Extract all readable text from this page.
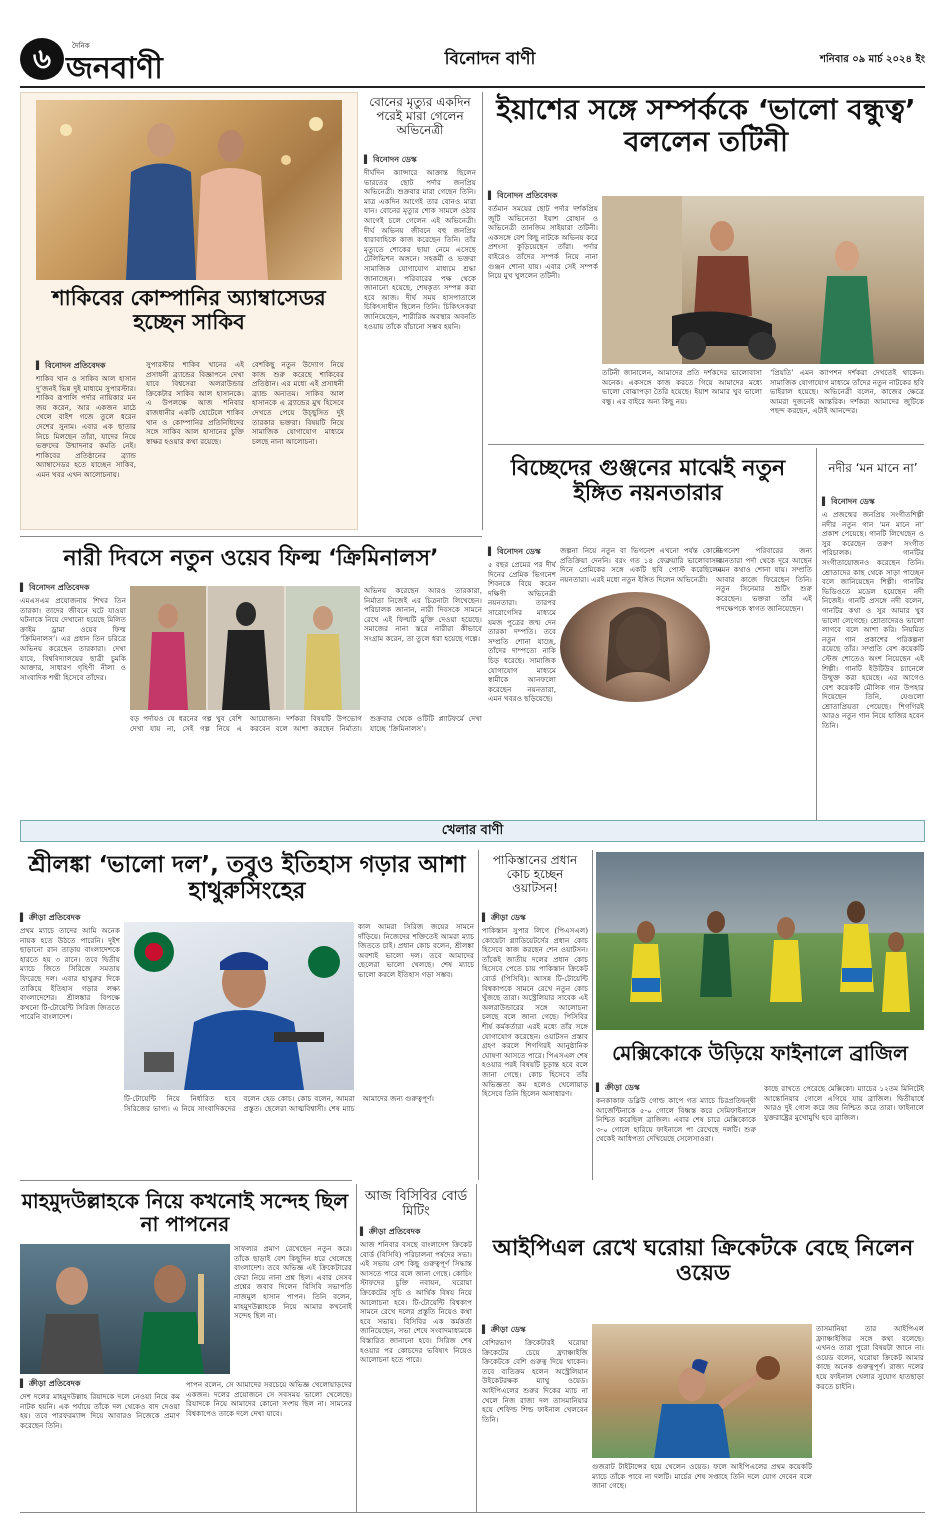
৬	দৈনিক
জনবাণী	বিনোদন বাণী	শনিবার ০৯ মার্চ ২০২৪ ইং
শাকিবের কোম্পানির অ্যাম্বাসেডর হচ্ছেন সাকিব
▌ বিনোদন প্রতিবেদক
শাকিব খান ও সাকিব আল হাসান দু’জনই ভিন্ন দুই মাধ্যমে সুপারস্টার। শাকিব রূপালি পর্দার নায়িকার মন জয় করেন, আর একজন মাঠে খেলে বাইশ গজে তুলে ধরেন দেশের সুনাম। এবার এক ছাতার নিচে মিলছেন তাঁরা, যাদের নিয়ে ভক্তদের উন্মাদনার কমতি নেই। শাকিবের প্রতিষ্ঠানের ব্র্যান্ড অ্যাম্বাসেডর হতে যাচ্ছেন সাকিব, এমন খবর এখন আলোচনায়।
সুপারস্টার শাকিব খানের এই প্রসাধনী ব্র্যান্ডের বিজ্ঞাপনে দেখা যাবে বিশ্বসেরা অলরাউন্ডার ক্রিকেটার সাকিব আল হাসানকে। এ উপলক্ষে আজ শনিবার রাজধানীর একটি হোটেলে শাকিব খান ও কোম্পানির প্রতিনিধিদের সঙ্গে সাকিব আল হাসানের চুক্তি স্বাক্ষর হওয়ার কথা রয়েছে।
বেশকিছু নতুন উদ্যোগ নিয়ে কাজ শুরু করেছে শাকিবের প্রতিষ্ঠান। এর মধ্যে এই প্রসাধনী ব্র্যান্ড অন্যতম। সাকিব আল হাসানকে এ ব্র্যান্ডের মুখ হিসেবে দেখতে পেয়ে উচ্ছ্বসিত দুই তারকার ভক্তরা। বিষয়টি নিয়ে সামাজিক যোগাযোগ মাধ্যমে চলছে নানা আলোচনা।
বোনের মৃত্যুর একদিন পরেই মারা গেলেন অভিনেত্রী
▌ বিনোদন ডেস্ক
দীর্ঘদিন ক্যান্সারে আক্রান্ত ছিলেন ভারতের ছোট পর্দার জনপ্রিয় অভিনেত্রী। শুক্রবার মারা গেছেন তিনি। মাত্র একদিন আগেই তার বোনও মারা যান। বোনের মৃত্যুর শোক সামলে ওঠার আগেই চলে গেলেন এই অভিনেত্রী। দীর্ঘ অভিনয় জীবনে বহু জনপ্রিয় ধারাবাহিকে কাজ করেছেন তিনি। তাঁর মৃত্যুতে শোকের ছায়া নেমে এসেছে টেলিভিশন অঙ্গনে। সহকর্মী ও ভক্তরা সামাজিক যোগাযোগ মাধ্যমে শ্রদ্ধা জানাচ্ছেন। পরিবারের পক্ষ থেকে জানানো হয়েছে, শেষকৃত্য সম্পন্ন করা হবে আজ। দীর্ঘ সময় হাসপাতালে চিকিৎসাধীন ছিলেন তিনি। চিকিৎসকরা জানিয়েছেন, শারীরিক অবস্থার অবনতি হওয়ায় তাঁকে বাঁচানো সম্ভব হয়নি।
ইয়াশের সঙ্গে সম্পর্ককে ‘ভালো বন্ধুত্ব’ বললেন তটিনী
▌ বিনোদন প্রতিবেদক
বর্তমান সময়ের ছোট পর্দার দর্শকপ্রিয় জুটি অভিনেতা ইয়াশ রোহান ও অভিনেত্রী তানজিম সাইয়ারা তটিনী। একসঙ্গে বেশ কিছু নাটকে অভিনয় করে প্রশংসা কুড়িয়েছেন তাঁরা। পর্দার বাইরেও তাঁদের সম্পর্ক নিয়ে নানা গুঞ্জন শোনা যায়। এবার সেই সম্পর্ক নিয়ে মুখ খুললেন তটিনী।
তটিনী জানালেন, আমাদের প্রতি দর্শকদের ভালোবাসা অনেক। একসঙ্গে কাজ করতে গিয়ে আমাদের মধ্যে ভালো বোঝাপড়া তৈরি হয়েছে। ইয়াশ আমার খুব ভালো বন্ধু। এর বাইরে অন্য কিছু নয়।
‘প্রিয়তি’ এমন ক্যাপশন দর্শকরা দেখতেই থাকেন। সামাজিক যোগাযোগ মাধ্যমে তাঁদের নতুন নাটকের ছবি ভাইরাল হয়েছে। অভিনেত্রী বলেন, কাজের ক্ষেত্রে আমরা দুজনেই আন্তরিক। দর্শকরা আমাদের জুটিকে পছন্দ করছেন, এটাই আনন্দের।
বিচ্ছেদের গুঞ্জনের মাঝেই নতুন ইঙ্গিত নয়নতারার
▌ বিনোদন ডেস্ক
৫ বছর প্রেমের পর দীর্ঘ দিনের প্রেমিক ভিগনেশ শিবনকে বিয়ে করেন দক্ষিণী অভিনেত্রী নয়নতারা। তারপর সারোগেসির মাধ্যমে যমজ পুত্রের জন্ম দেন তারকা দম্পতি। তবে সম্প্রতি শোনা যাচ্ছে, তাঁদের দাম্পত্যে নাকি চিড় ধরেছে। সামাজিক যোগাযোগ মাধ্যমে স্বামীকে আনফলো করেছেন নয়নতারা, এমন খবরও ছড়িয়েছে।
জল্পনা নিয়ে নতুন বা ভিগনেশ এখনো পর্যন্ত কোনো প্রতিক্রিয়া দেননি। বরং গত ১৪ ফেব্রুয়ারি ভালোবাসার দিনে প্রেমিকের সঙ্গে একটি ছবি পোস্ট করেছিলেন নয়নতারা। এরই মধ্যে নতুন ইঙ্গিত দিলেন অভিনেত্রী।
ভিগনেশ পরিবারের জন্য নয়নতারা পর্দা থেকে দূরে আছেন এমন কথাও শোনা যায়। সম্প্রতি আবার কাজে ফিরেছেন তিনি। নতুন সিনেমার শুটিং শুরু করেছেন। ভক্তরা তাঁর এই পদক্ষেপকে স্বাগত জানিয়েছেন।
নদীর ‘মন মানে না’
▌ বিনোদন ডেস্ক
এ প্রজন্মের জনপ্রিয় সংগীতশিল্পী নদীর নতুন গান ‘মন মানে না’ প্রকাশ পেয়েছে। গানটি লিখেছেন ও সুর করেছেন তরুণ সংগীত পরিচালক। গানটির সংগীতায়োজনও করেছেন তিনি। শ্রোতাদের কাছ থেকে সাড়া পাচ্ছেন বলে জানিয়েছেন শিল্পী। গানটির ভিডিওতে মডেল হয়েছেন নদী নিজেই। গানটি প্রসঙ্গে নদী বলেন, গানটির কথা ও সুর আমার খুব ভালো লেগেছে। শ্রোতাদেরও ভালো লাগবে বলে আশা করি। নিয়মিত নতুন গান প্রকাশের পরিকল্পনা রয়েছে তাঁর। সম্প্রতি বেশ কয়েকটি স্টেজ শোতেও অংশ নিয়েছেন এই শিল্পী। গানটি ইউটিউব চ্যানেলে উন্মুক্ত করা হয়েছে। এর আগেও বেশ কয়েকটি মৌলিক গান উপহার দিয়েছেন তিনি, যেগুলো শ্রোতাপ্রিয়তা পেয়েছে। শিগগিরই আরও নতুন গান নিয়ে হাজির হবেন তিনি।
নারী দিবসে নতুন ওয়েব ফিল্ম ‘ক্রিমিনালস’
▌ বিনোদন প্রতিবেদক
এমএসএম প্রযোজনায় শিখর তিন তারকা। তাদের জীবনে ঘটে যাওয়া ঘটনাকে নিয়ে দেখানো হয়েছে মিলিত ক্রাইম ড্রামা ওয়েব ফিল্ম ‘ক্রিমিনালস’। এর প্রধান তিন চরিত্রে অভিনয় করেছেন তারকারা। দেখা যাবে, বিশ্ববিদ্যালয়ের ছাত্রী চুমকি আক্তার, সাধারণ গৃহিণী নীলা ও সাংবাদিক শম্মী হিসেবে তাঁদের।
অভিনয় করেছেন আরও তারকারা, নির্মাতা নিজেই এর চিত্রনাট্য লিখেছেন। পরিচালক জানান, নারী দিবসকে সামনে রেখে এই ফিল্মটি মুক্তি দেওয়া হয়েছে। সমাজের নানা স্তরে নারীরা কীভাবে সংগ্রাম করেন, তা তুলে ধরা হয়েছে গল্পে।
বড় পর্দায়ও যে ধরনের গল্প খুব বেশি দেখা যায় না, সেই গল্প নিয়ে এ আয়োজন। দর্শকরা বিষয়টি উপভোগ করবেন বলে আশা করছেন নির্মাতা। শুক্রবার থেকে ওটিটি প্ল্যাটফর্মে দেখা যাচ্ছে ‘ক্রিমিনালস’।
খেলার বাণী
শ্রীলঙ্কা ‘ভালো দল’, তবুও ইতিহাস গড়ার আশা হাথুরুসিংহের
▌ ক্রীড়া প্রতিবেদক
প্রথম ম্যাচে তাদের আমি অনেক নায়ক হতে উঠতে পারেনি। দুইশ ছাড়ানো রান তাড়ায় বাংলাদেশকে হারতে হয় ৩ রানে। তবে দ্বিতীয় ম্যাচে জিতে সিরিজে সমতায় ফিরেছে দল। এবার হাথুরুর দিকে তাকিয়ে ইতিহাস গড়ার লক্ষ্য বাংলাদেশের। শ্রীলঙ্কার বিপক্ষে কখনো টি-টোয়েন্টি সিরিজ জিততে পারেনি বাংলাদেশ।
কাল আমরা সিরিজ জয়ের সামনে দাঁড়িয়ে। নিজেদের শক্তিতেই আমরা ম্যাচ জিততে চাই। প্রধান কোচ বলেন, শ্রীলঙ্কা অবশ্যই ভালো দল। তবে আমাদের ছেলেরা ভালো খেলছে। শেষ ম্যাচে ভালো করলে ইতিহাস গড়া সম্ভব।
টি-টোয়েন্টি নিয়ে নির্ধারিত হবে সিরিজের ভাগ্য। এ নিয়ে সাংবাদিকদের বলেন হেড কোচ। কোচ বলেন, আমরা প্রস্তুত। ছেলেরা আত্মবিশ্বাসী। শেষ ম্যাচ আমাদের জন্য গুরুত্বপূর্ণ।
পাকিস্তানের প্রধান কোচ হচ্ছেন ওয়াটসন!
▌ ক্রীড়া ডেস্ক
পাকিস্তান সুপার লিগে (পিএসএল) কোয়েটা গ্ল্যাডিয়েটর্সের প্রধান কোচ হিসেবে কাজ করছেন শেন ওয়াটসন। তাঁকেই জাতীয় দলের প্রধান কোচ হিসেবে পেতে চায় পাকিস্তান ক্রিকেট বোর্ড (পিসিবি)। আসন্ন টি-টোয়েন্টি বিশ্বকাপকে সামনে রেখে নতুন কোচ খুঁজছে তারা। অস্ট্রেলিয়ার সাবেক এই অলরাউন্ডারের সঙ্গে আলোচনা চলছে বলে জানা গেছে। পিসিবির শীর্ষ কর্মকর্তারা এরই মধ্যে তাঁর সঙ্গে যোগাযোগ করেছেন। ওয়াটসন প্রস্তাব গ্রহণ করলে শিগগিরই আনুষ্ঠানিক ঘোষণা আসতে পারে। পিএসএল শেষ হওয়ার পরই বিষয়টি চূড়ান্ত হবে বলে জানা গেছে। কোচ হিসেবে তাঁর অভিজ্ঞতা কম হলেও খেলোয়াড় হিসেবে তিনি ছিলেন অসাধারণ।
মেক্সিকোকে উড়িয়ে ফাইনালে ব্রাজিল
▌ ক্রীড়া ডেস্ক
কনকাকাফ ডব্লিউ গোল্ড কাপে গত ম্যাচে চিরপ্রতিদ্বন্দ্বী আর্জেন্টিনাকে ৫-০ গোলে বিধ্বস্ত করে সেমিফাইনালে নিশ্চিত করেছিল ব্রাজিল। এবার শেষ চারে মেক্সিকোকে ৩-০ গোলে হারিয়ে ফাইনালে পা রেখেছে দলটি। শুরু থেকেই আধিপত্য দেখিয়েছে সেলেসাওরা।
কাছে রাখতে পেরেছে মেক্সিকো। ম্যাচের ১২তম মিনিটেই আন্তোনিয়ার গোলে এগিয়ে যায় ব্রাজিল। দ্বিতীয়ার্ধে আরও দুই গোল করে জয় নিশ্চিত করে তারা। ফাইনালে যুক্তরাষ্ট্রের মুখোমুখি হবে ব্রাজিল।
মাহমুদউল্লাহকে নিয়ে কখনোই সন্দেহ ছিল না পাপনের
▌ ক্রীড়া প্রতিবেদক
সাফল্যর প্রমাণ রেখেছেন নতুন করে। তাঁকে ছাড়াই বেশ কিছুদিন ধরে খেলেছে বাংলাদেশ। তবে অভিজ্ঞ এই ক্রিকেটারের ফেরা নিয়ে নানা প্রশ্ন ছিল। এবার সেসব প্রশ্নের জবাব দিলেন বিসিবি সভাপতি নাজমুল হাসান পাপন। তিনি বলেন, মাহমুদউল্লাহকে নিয়ে আমার কখনোই সন্দেহ ছিল না।
দেশ দলের মাহমুদউল্লাহ রিয়াদকে দলে নেওয়া নিয়ে কম নাটক হয়নি। এক পর্যায়ে তাঁকে দল থেকেও বাদ দেওয়া হয়। তবে পারফরম্যান্স দিয়ে আবারও নিজেকে প্রমাণ করেছেন তিনি।
পাপন বলেন, সে আমাদের সবচেয়ে অভিজ্ঞ খেলোয়াড়দের একজন। দলের প্রয়োজনে সে সবসময় ভালো খেলেছে। রিয়াদকে নিয়ে আমাদের কোনো সংশয় ছিল না। সামনের বিশ্বকাপেও তাকে দলে দেখা যাবে।
আজ বিসিবির বোর্ড মিটিং
▌ ক্রীড়া প্রতিবেদক
আজ শনিবার বসছে বাংলাদেশ ক্রিকেট বোর্ড (বিসিবি) পরিচালনা পর্ষদের সভা। এই সভায় বেশ কিছু গুরুত্বপূর্ণ সিদ্ধান্ত আসতে পারে বলে জানা গেছে। কোচিং স্টাফদের চুক্তি নবায়ন, ঘরোয়া ক্রিকেটের সূচি ও আর্থিক বিষয় নিয়ে আলোচনা হবে। টি-টোয়েন্টি বিশ্বকাপ সামনে রেখে দলের প্রস্তুতি নিয়েও কথা হবে সভায়। বিসিবির এক কর্মকর্তা জানিয়েছেন, সভা শেষে সংবাদমাধ্যমকে বিস্তারিত জানানো হবে। সিরিজ শেষ হওয়ার পর কোচদের ভবিষ্যৎ নিয়েও আলোচনা হতে পারে।
আইপিএল রেখে ঘরোয়া ক্রিকেটকে বেছে নিলেন ওয়েড
▌ ক্রীড়া ডেস্ক
বেশিরভাগ ক্রিকেটারই ঘরোয়া ক্রিকেটের চেয়ে ফ্র্যাঞ্চাইজি ক্রিকেটকে বেশি গুরুত্ব দিয়ে থাকেন। তবে ব্যতিক্রম হলেন অস্ট্রেলিয়ান উইকেটরক্ষক ম্যাথু ওয়েড। আইপিএলের শুরুর দিকের ম্যাচ না খেলে নিজ রাজ্য দল তাসমানিয়ার হয়ে শেফিল্ড শিল্ড ফাইনাল খেলবেন তিনি।
গুজরাট টাইটান্সের হয়ে খেলেন ওয়েড। ফলে আইপিএলের প্রথম কয়েকটি ম্যাচে তাঁকে পাবে না দলটি। মার্চের শেষ সপ্তাহে তিনি দলে যোগ দেবেন বলে জানা গেছে।
তাসমানিয়া তার আইপিএল ফ্র্যাঞ্চাইজির সঙ্গে কথা বলেছে। এখনও তারা পুরো বিষয়টা জানে না। ওয়েড বলেন, ঘরোয়া ক্রিকেট আমার কাছে অনেক গুরুত্বপূর্ণ। রাজ্য দলের হয়ে ফাইনাল খেলার সুযোগ হাতছাড়া করতে চাইনি।
